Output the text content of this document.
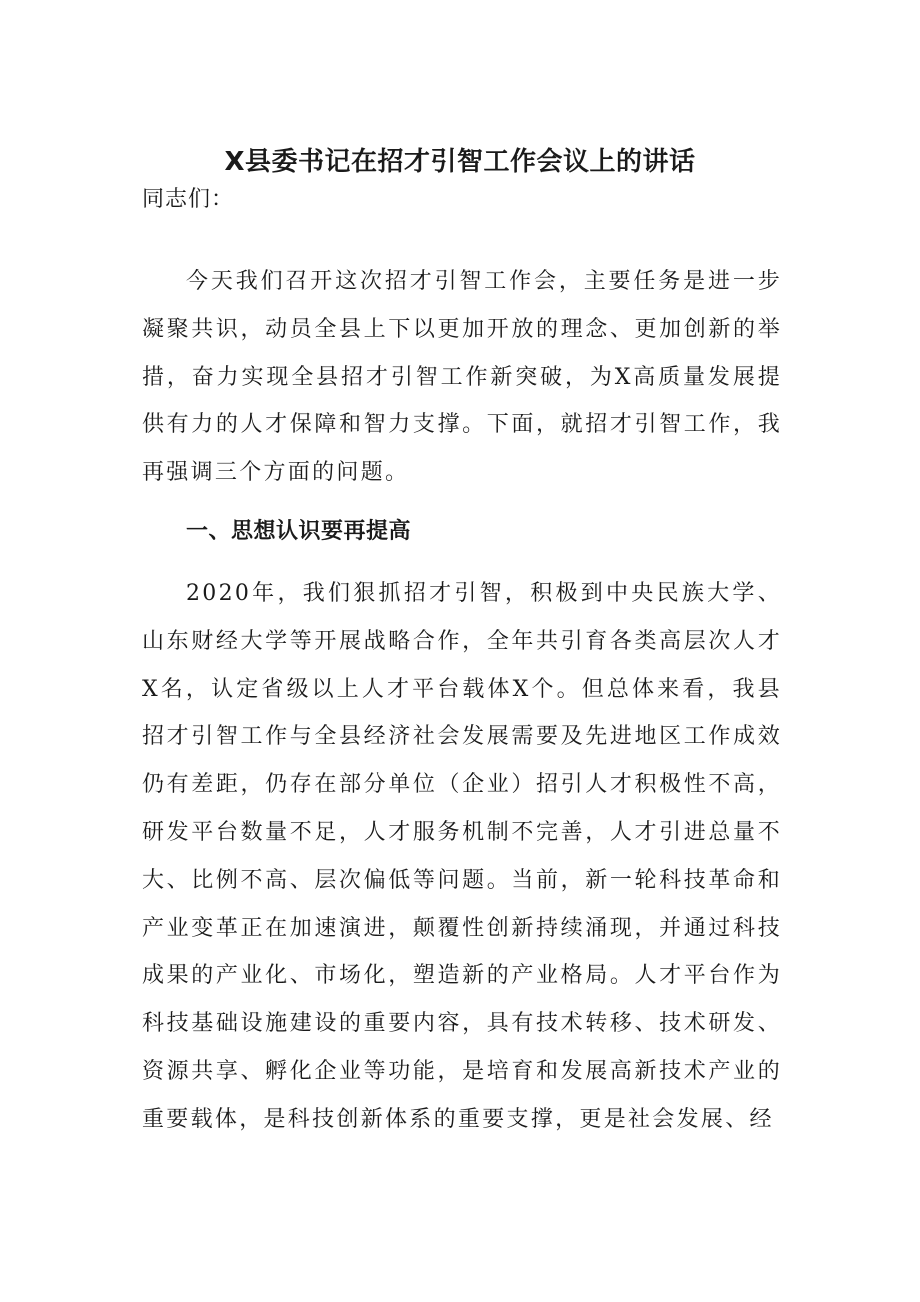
X县委书记在招才引智工作会议上的讲话

同志们：

今天我们召开这次招才引智工作会，主要任务是进一步凝聚共识，动员全县上下以更加开放的理念、更加创新的举措，奋力实现全县招才引智工作新突破，为X高质量发展提供有力的人才保障和智力支撑。下面，就招才引智工作，我再强调三个方面的问题。

一、思想认识要再提高

2020年，我们狠抓招才引智，积极到中央民族大学、山东财经大学等开展战略合作，全年共引育各类高层次人才X名，认定省级以上人才平台载体X个。但总体来看，我县招才引智工作与全县经济社会发展需要及先进地区工作成效仍有差距，仍存在部分单位（企业）招引人才积极性不高，研发平台数量不足，人才服务机制不完善，人才引进总量不大、比例不高、层次偏低等问题。当前，新一轮科技革命和产业变革正在加速演进，颠覆性创新持续涌现，并通过科技成果的产业化、市场化，塑造新的产业格局。人才平台作为科技基础设施建设的重要内容，具有技术转移、技术研发、资源共享、孵化企业等功能，是培育和发展高新技术产业的重要载体，是科技创新体系的重要支撑，更是社会发展、经
